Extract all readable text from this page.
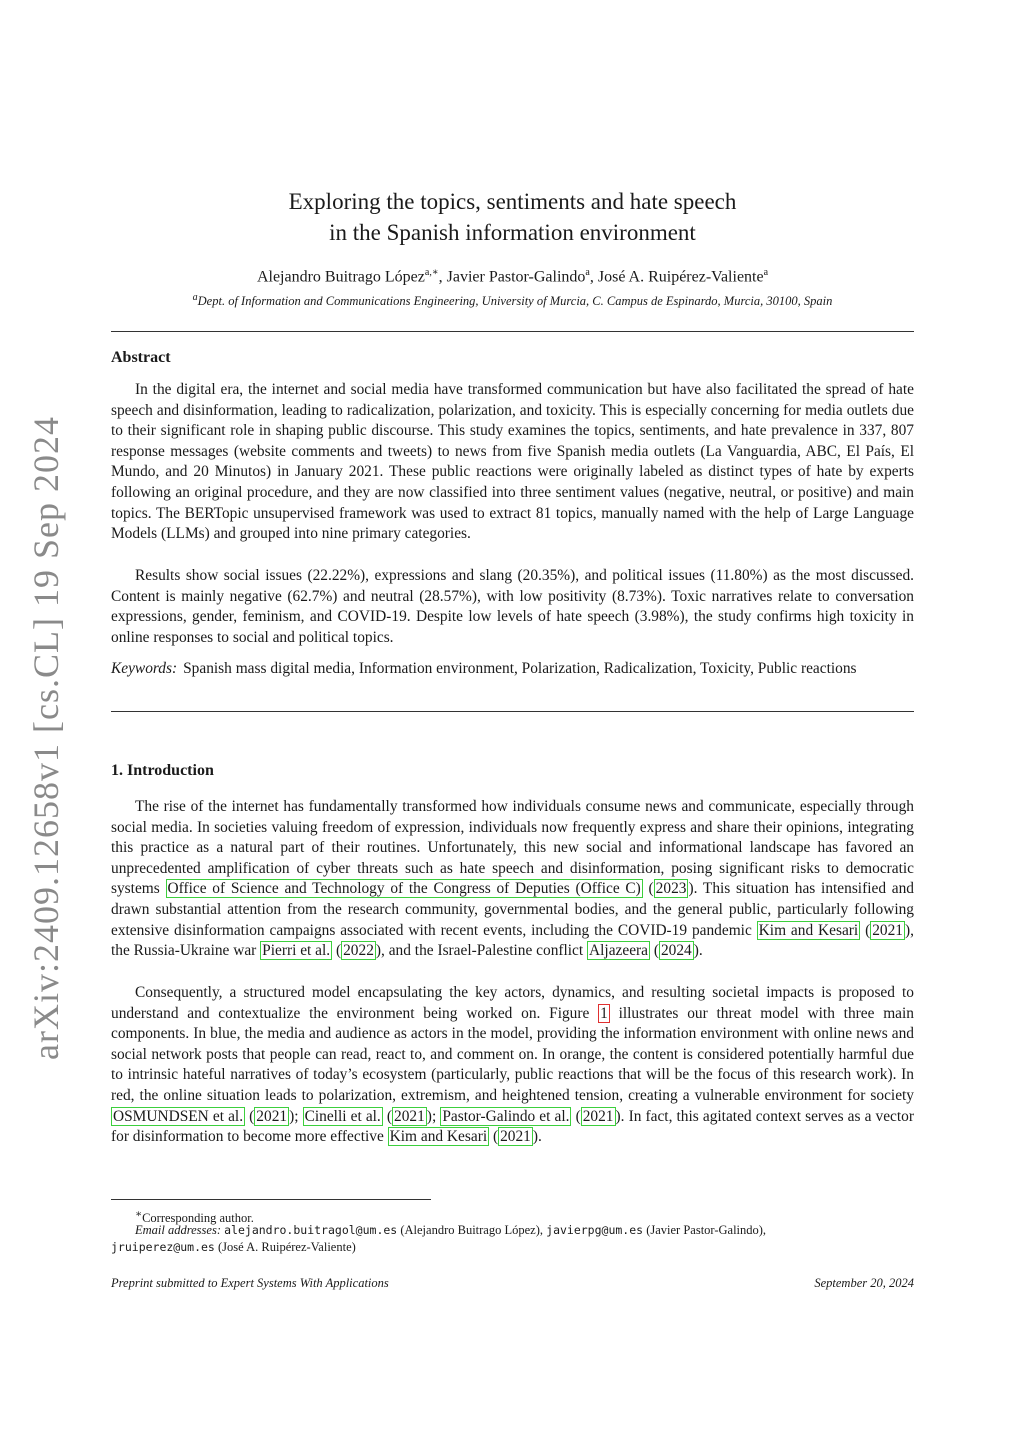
arXiv:2409.12658v1 [cs.CL] 19 Sep 2024
Exploring the topics, sentiments and hate speech
in the Spanish information environment
Alejandro Buitrago López$^{a,∗}$, Javier Pastor-Galindo$^a$, José A. Ruipérez-Valiente$^a$
$^a$Dept. of Information and Communications Engineering, University of Murcia, C. Campus de Espinardo, Murcia, 30100, Spain
Abstract

In the digital era, the internet and social media have transformed communication but have also facilitated the spread of hate speech and disinformation, leading to radicalization, polarization, and toxicity. This is especially concerning for media outlets due to their significant role in shaping public discourse. This study examines the topics, sentiments, and hate prevalence in 337, 807 response messages (website comments and tweets) to news from five Spanish media outlets (La Vanguardia, ABC, El País, El Mundo, and 20 Minutos) in January 2021. These public reactions were originally labeled as distinct types of hate by experts following an original procedure, and they are now classified into three sentiment values (negative, neutral, or positive) and main topics. The BERTopic unsupervised framework was used to extract 81 topics, manually named with the help of Large Language Models (LLMs) and grouped into nine primary categories.

Results show social issues (22.22%), expressions and slang (20.35%), and political issues (11.80%) as the most discussed. Content is mainly negative (62.7%) and neutral (28.57%), with low positivity (8.73%). Toxic narratives relate to conversation expressions, gender, feminism, and COVID-19. Despite low levels of hate speech (3.98%), the study confirms high toxicity in online responses to social and political topics.

Keywords: Spanish mass digital media, Information environment, Polarization, Radicalization, Toxicity, Public reactions
1. Introduction

The rise of the internet has fundamentally transformed how individuals consume news and communicate, especially through social media. In societies valuing freedom of expression, individuals now frequently express and share their opinions, integrating this practice as a natural part of their routines. Unfortunately, this new social and informational landscape has favored an unprecedented amplification of cyber threats such as hate speech and disinformation, posing significant risks to democratic systems Office of Science and Technology of the Congress of Deputies (Office C) ( 2023 ). This situation has intensified and drawn substantial attention from the research community, governmental bodies, and the general public, particularly following extensive disinformation campaigns associated with recent events, including the COVID-19 pandemic Kim and Kesari ( 2021 ), the Russia-Ukraine war Pierri et al. ( 2022 ), and the Israel-Palestine conflict Aljazeera ( 2024 ).

Consequently, a structured model encapsulating the key actors, dynamics, and resulting societal impacts is proposed to understand and contextualize the environment being worked on. Figure 1 illustrates our threat model with three main components. In blue, the media and audience as actors in the model, providing the information environment with online news and social network posts that people can read, react to, and comment on. In orange, the content is considered potentially harmful due to intrinsic hateful narratives of today’s ecosystem (particularly, public reactions that will be the focus of this research work). In red, the online situation leads to polarization, extremism, and heightened tension, creating a vulnerable environment for society OSMUNDSEN et al. ( 2021 ); Cinelli et al. ( 2021 ); Pastor-Galindo et al. ( 2021 ). In fact, this agitated context serves as a vector for disinformation to become more effective Kim and Kesari ( 2021 ).

∗Corresponding author.
Email addresses: alejandro.buitragol@um.es (Alejandro Buitrago López), javierpg@um.es (Javier Pastor-Galindo),
jruiperez@um.es (José A. Ruipérez-Valiente)
Preprint submitted to Expert Systems With Applications	September 20, 2024
